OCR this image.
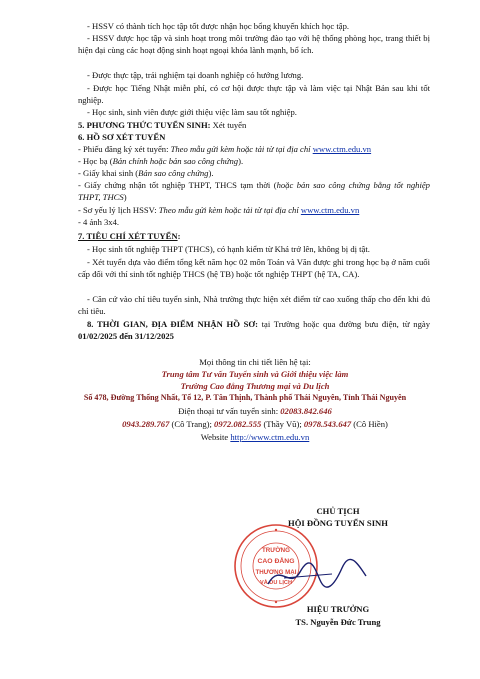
- HSSV có thành tích học tập tốt được nhận học bổng khuyến khích học tập.

- HSSV được học tập và sinh hoạt trong môi trường đào tạo với hệ thống phòng học, trang thiết bị hiện đại cùng các hoạt động sinh hoạt ngoại khóa lành mạnh, bổ ích.

- Được thực tập, trải nghiệm tại doanh nghiệp có hướng lương.

- Được học Tiếng Nhật miễn phí, có cơ hội được thực tập và làm việc tại Nhật Bản sau khi tốt nghiệp.

- Học sinh, sinh viên được giới thiệu việc làm sau tốt nghiệp.

5. PHƯƠNG THỨC TUYỂN SINH: Xét tuyển

6. HỒ SƠ XÉT TUYỂN

- Phiếu đăng ký xét tuyển: Theo mẫu gửi kèm hoặc tải từ tại địa chỉ www.ctm.edu.vn

- Học bạ (Bản chính hoặc bản sao công chứng).

- Giấy khai sinh (Bản sao công chứng).

- Giấy chứng nhận tốt nghiệp THPT, THCS tạm thời (hoặc bản sao công chứng bằng tốt nghiệp THPT, THCS)

- Sơ yếu lý lịch HSSV: Theo mẫu gửi kèm hoặc tải từ tại địa chỉ www.ctm.edu.vn

- 4 ảnh 3x4.

7. TIÊU CHÍ XÉT TUYỂN:

- Học sinh tốt nghiệp THPT (THCS), có hạnh kiểm từ Khá trở lên, không bị dị tật.

- Xét tuyển dựa vào điểm tổng kết năm học 02 môn Toán và Văn được ghi trong học bạ ở năm cuối cấp đối với thí sinh tốt nghiệp THCS (hệ TB) hoặc tốt nghiệp THPT (hệ TA, CA).

- Căn cứ vào chỉ tiêu tuyển sinh, Nhà trường thực hiện xét điểm từ cao xuống thấp cho đến khi đủ chỉ tiêu.

8. THỜI GIAN, ĐỊA ĐIỂM NHẬN HỒ SƠ: tại Trường hoặc qua đường bưu điện, từ ngày 01/02/2025 đến 31/12/2025

Mọi thông tin chi tiết liên hệ tại:
Trung tâm Tư vấn Tuyển sinh và Giới thiệu việc làm
Trường Cao đẳng Thương mại và Du lịch
Số 478, Đường Thống Nhất, Tổ 12, P. Tân Thịnh, Thành phố Thái Nguyên, Tỉnh Thái Nguyên
Điện thoại tư vấn tuyển sinh: 02083.842.646
0943.289.767 (Cô Trang); 0972.082.555 (Thầy Vũ); 0978.543.647 (Cô Hiền)
Website http://www.ctm.edu.vn
CHỦ TỊCH
HỘI ĐỒNG TUYỂN SINH
TRƯỜNG
CAO ĐẲNG
THƯƠNG MẠI
VÀ DU LỊCH
HIỆU TRƯỞNG
TS. Nguyễn Đức Trung
